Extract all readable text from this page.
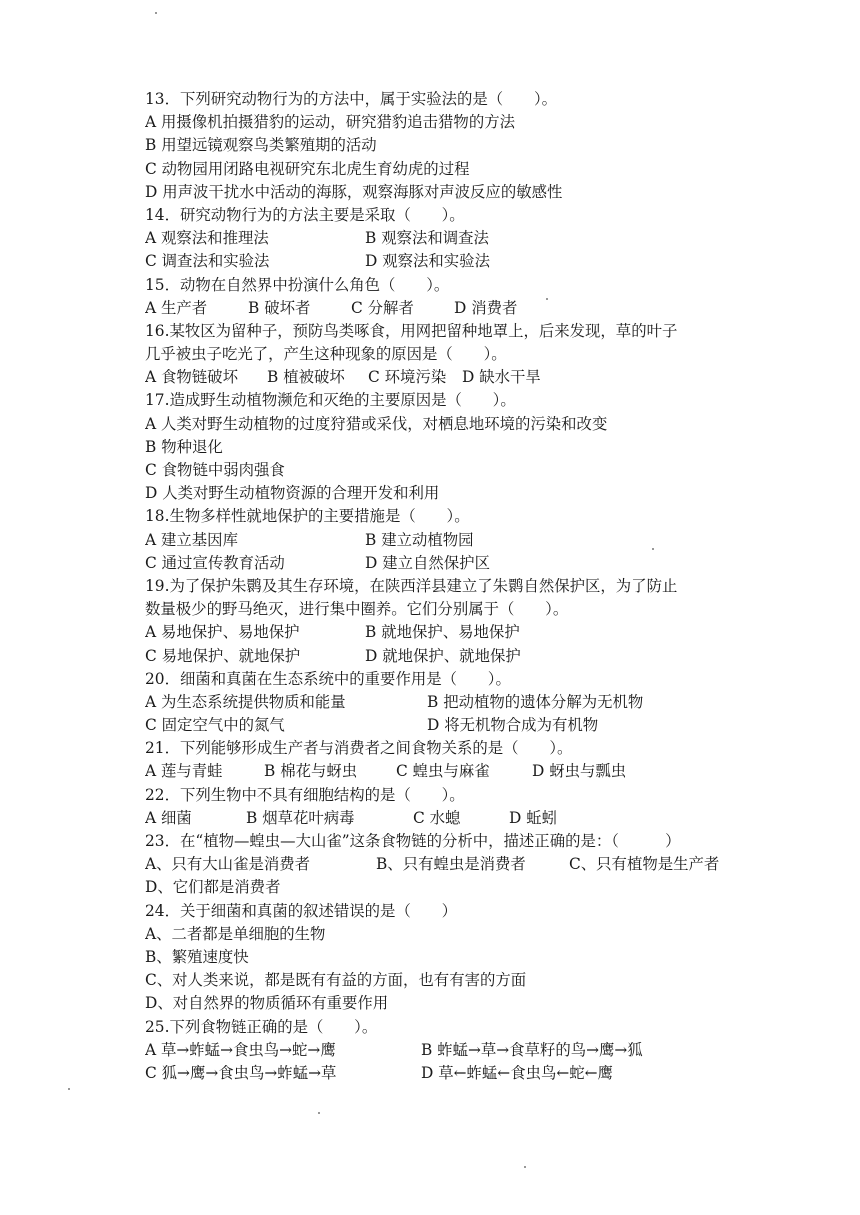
13．下列研究动物行为的方法中，属于实验法的是（　　）。
A 用摄像机拍摄猎豹的运动，研究猎豹追击猎物的方法
B 用望远镜观察鸟类繁殖期的活动
C 动物园用闭路电视研究东北虎生育幼虎的过程
D 用声波干扰水中活动的海豚，观察海豚对声波反应的敏感性
14．研究动物行为的方法主要是采取（　　）。
A 观察法和推理法	B 观察法和调查法
C 调查法和实验法	D 观察法和实验法
15．动物在自然界中扮演什么角色（　　）。
A 生产者	B 破坏者	C 分解者	D 消费者
16.某牧区为留种子，预防鸟类啄食，用网把留种地罩上，后来发现，草的叶子
几乎被虫子吃光了，产生这种现象的原因是（　　）。
A 食物链破坏	B 植被破坏	C 环境污染	D 缺水干旱
17.造成野生动植物濒危和灭绝的主要原因是（　　）。
A 人类对野生动植物的过度狩猎或采伐，对栖息地环境的污染和改变
B 物种退化
C 食物链中弱肉强食
D 人类对野生动植物资源的合理开发和利用
18.生物多样性就地保护的主要措施是（　　）。
A 建立基因库	B 建立动植物园
C 通过宣传教育活动	D 建立自然保护区
19.为了保护朱鹮及其生存环境，在陕西洋县建立了朱鹮自然保护区，为了防止
数量极少的野马绝灭，进行集中圈养。它们分别属于（　　）。
A 易地保护、易地保护	B 就地保护、易地保护
C 易地保护、就地保护	D 就地保护、就地保护
20．细菌和真菌在生态系统中的重要作用是（　　）。
A 为生态系统提供物质和能量	B 把动植物的遗体分解为无机物
C 固定空气中的氮气	D 将无机物合成为有机物
21．下列能够形成生产者与消费者之间食物关系的是（　　）。
A 莲与青蛙	B 棉花与蚜虫	C 蝗虫与麻雀	D 蚜虫与瓢虫
22．下列生物中不具有细胞结构的是（　　）。
A 细菌	B 烟草花叶病毒	C 水螅	D 蚯蚓
23．在“植物—蝗虫—大山雀”这条食物链的分析中，描述正确的是：（　　　）
A、只有大山雀是消费者	B、只有蝗虫是消费者	C、只有植物是生产者
D、它们都是消费者
24．关于细菌和真菌的叙述错误的是（　　）
A、二者都是单细胞的生物
B、繁殖速度快
C、对人类来说，都是既有有益的方面，也有有害的方面
D、对自然界的物质循环有重要作用
25.下列食物链正确的是（　　）。
A 草→蚱蜢→食虫鸟→蛇→鹰	B 蚱蜢→草→食草籽的鸟→鹰→狐
C 狐→鹰→食虫鸟→蚱蜢→草	D 草←蚱蜢←食虫鸟←蛇←鹰
